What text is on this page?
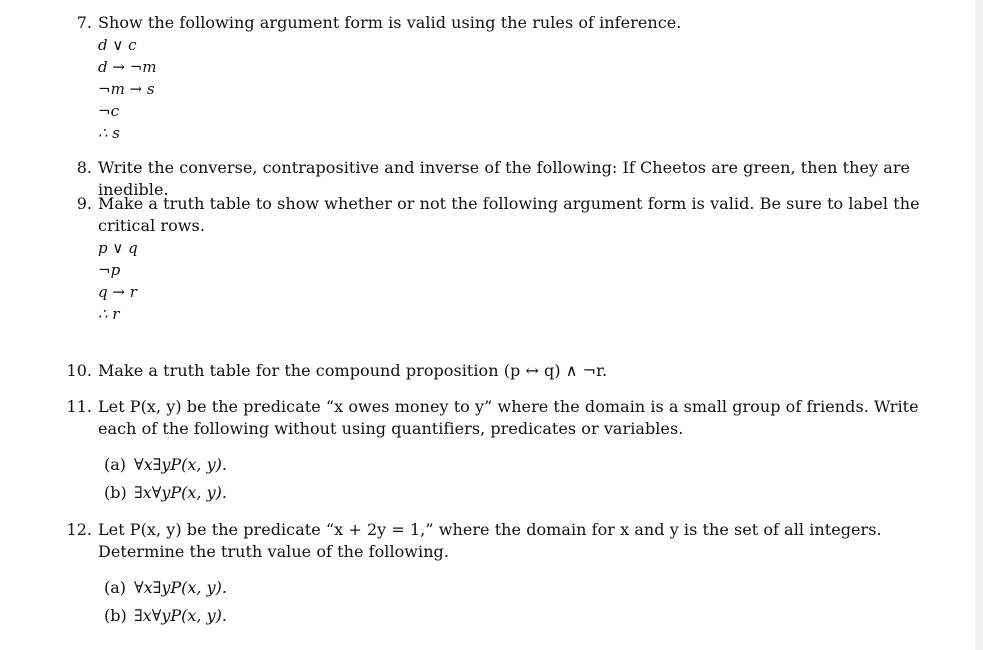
7. Show the following argument form is valid using the rules of inference.
d ∨ c
d → ¬m
¬m → s
¬c
∴ s
8. Write the converse, contrapositive and inverse of the following: If Cheetos are green, then they are inedible.
9. Make a truth table to show whether or not the following argument form is valid. Be sure to label the critical rows.
p ∨ q
¬p
q → r
∴ r
10. Make a truth table for the compound proposition (p ↔ q) ∧ ¬r.
11. Let P(x, y) be the predicate “x owes money to y” where the domain is a small group of friends. Write each of the following without using quantifiers, predicates or variables.
(a) ∀x∃yP(x, y).
(b) ∃x∀yP(x, y).
12. Let P(x, y) be the predicate “x + 2y = 1,” where the domain for x and y is the set of all integers. Determine the truth value of the following.
(a) ∀x∃yP(x, y).
(b) ∃x∀yP(x, y).
